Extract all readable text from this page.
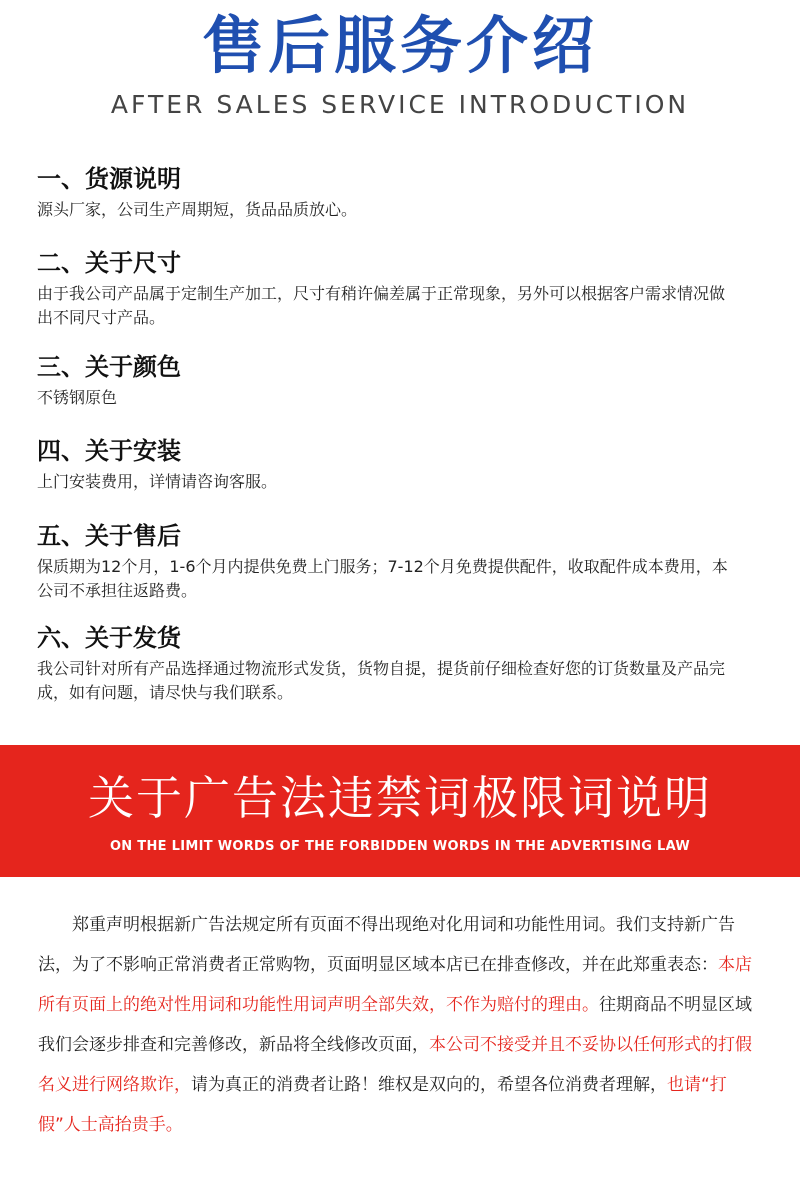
售后服务介绍
AFTER SALES SERVICE INTRODUCTION
一、货源说明
源头厂家，公司生产周期短，货品品质放心。
二、关于尺寸
由于我公司产品属于定制生产加工，尺寸有稍许偏差属于正常现象，另外可以根据客户需求情况做出不同尺寸产品。
三、关于颜色
不锈钢原色
四、关于安装
上门安装费用，详情请咨询客服。
五、关于售后
保质期为12个月，1-6个月内提供免费上门服务；7-12个月免费提供配件，收取配件成本费用，本公司不承担往返路费。
六、关于发货
我公司针对所有产品选择通过物流形式发货，货物自提，提货前仔细检查好您的订货数量及产品完成，如有问题，请尽快与我们联系。
关于广告法违禁词极限词说明
ON THE LIMIT WORDS OF THE FORBIDDEN WORDS IN THE ADVERTISING LAW
郑重声明根据新广告法规定所有页面不得出现绝对化用词和功能性用词。我们支持新广告法，为了不影响正常消费者正常购物，页面明显区域本店已在排查修改，并在此郑重表态：本店所有页面上的绝对性用词和功能性用词声明全部失效，不作为赔付的理由。往期商品不明显区域我们会逐步排查和完善修改，新品将全线修改页面，本公司不接受并且不妥协以任何形式的打假名义进行网络欺诈，请为真正的消费者让路！维权是双向的，希望各位消费者理解，也请“打假”人士高抬贵手。
